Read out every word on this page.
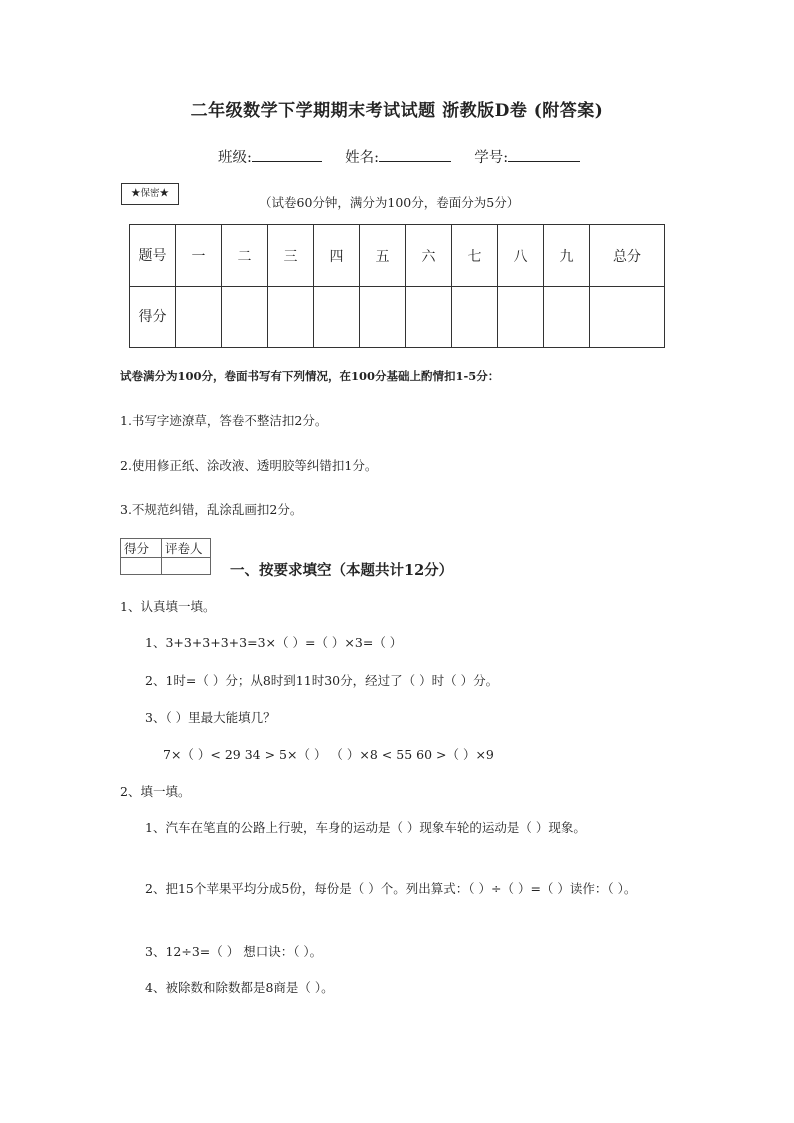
二年级数学下学期期末考试试题 浙教版D卷 (附答案)
班级:	姓名:	学号:
★保密★
（试卷60分钟，满分为100分，卷面分为5分）
题号	一	二	三	四	五	六	七	八	九	总分
得分										
试卷满分为100分，卷面书写有下列情况，在100分基础上酌情扣1-5分：
1.书写字迹潦草，答卷不整洁扣2分。
2.使用修正纸、涂改液、透明胶等纠错扣1分。
3.不规范纠错，乱涂乱画扣2分。
得分	评卷人

一、按要求填空（本题共计12分）
1、认真填一填。
1、3+3+3+3+3=3×（ ）=（ ）×3=（ ）
2、1时=（ ）分；从8时到11时30分，经过了（ ）时（ ）分。
3、（ ）里最大能填几？
7×（ ）< 29 34 > 5×（ ） （ ）×8 < 55 60 >（ ）×9
2、填一填。
1、汽车在笔直的公路上行驶，车身的运动是（ ）现象车轮的运动是（ ）现象。
2、把15个苹果平均分成5份，每份是（ ）个。列出算式：（ ）÷（ ）=（ ）读作：（ ）。
3、12÷3=（ ） 想口诀：（ ）。
4、被除数和除数都是8商是（ ）。
